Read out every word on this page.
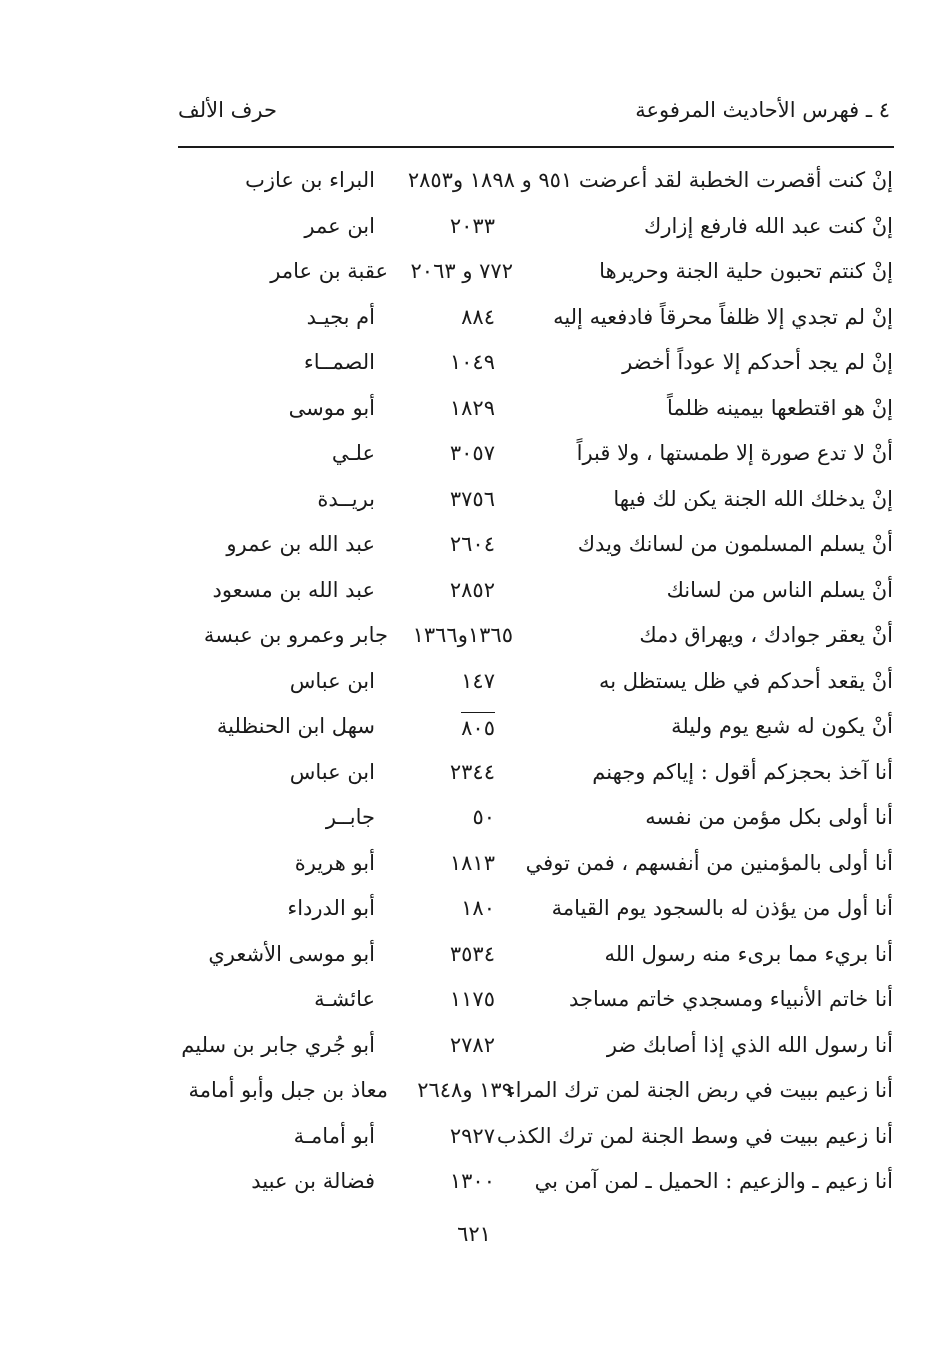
٤ ـ فهرس الأحاديث المرفوعة
حرف الألف
إنْ كنت أقصرت الخطبة لقد أعرضت ٩٥١ و ١٨٩٨ و٢٨٥٣
البراء بن عازب
إنْ كنت عبد الله فارفع إزارك
٢٠٣٣
ابن عمر
إنْ كنتم تحبون حلية الجنة وحريرها
٧٧٢ و ٢٠٦٣
عقبة بن عامر
إنْ لم تجدي إلا ظلفاً محرقاً فادفعيه إليه
٨٨٤
أم بجيـد
إنْ لم يجد أحدكم إلا عوداً أخضر
١٠٤٩
الصمــاء
إنْ هو اقتطعها بيمينه ظلماً
١٨٢٩
أبو موسى
أنْ لا تدع صورة إلا طمستها ، ولا قبراً
٣٠٥٧
علـي
إنْ يدخلك الله الجنة يكن لك فيها
٣٧٥٦
بريــدة
أنْ يسلم المسلمون من لسانك ويدك
٢٦٠٤
عبد الله بن عمرو
أنْ يسلم الناس من لسانك
٢٨٥٢
عبد الله بن مسعود
أنْ يعقر جوادك ، ويهراق دمك
١٣٦٥و١٣٦٦
جابر وعمرو بن عبسة
أنْ يقعد أحدكم في ظل يستظل به
١٤٧
ابن عباس
أنْ يكون له شبع يوم وليلة
٨٠٥
سهل ابن الحنظلية
أنا آخذ بحجزكم أقول : إياكم وجهنم
٢٣٤٤
ابن عباس
أنا أولى بكل مؤمن من نفسه
٥٠
جابــر
أنا أولى بالمؤمنين من أنفسهم ، فمن توفي
١٨١٣
أبو هريرة
أنا أول من يؤذن له بالسجود يوم القيامة
١٨٠
أبو الدرداء
أنا بريء مما برىء منه رسول الله
٣٥٣٤
أبو موسى الأشعري
أنا خاتم الأنبياء ومسجدي خاتم مساجد
١١٧٥
عائشـة
أنا رسول الله الذي إذا أصابك ضر
٢٧٨٢
أبو جُري جابر بن سليم
أنا زعيم ببيت في ربض الجنة لمن ترك المراء
١٣٩ و٢٦٤٨
معاذ بن جبل وأبو أمامة
أنا زعيم ببيت في وسط الجنة لمن ترك الكذب
٢٩٢٧
أبو أمامـة
أنا زعيم ـ والزعيم : الحميل ـ لمن آمن بي
١٣٠٠
فضالة بن عبيد
٦٢١
